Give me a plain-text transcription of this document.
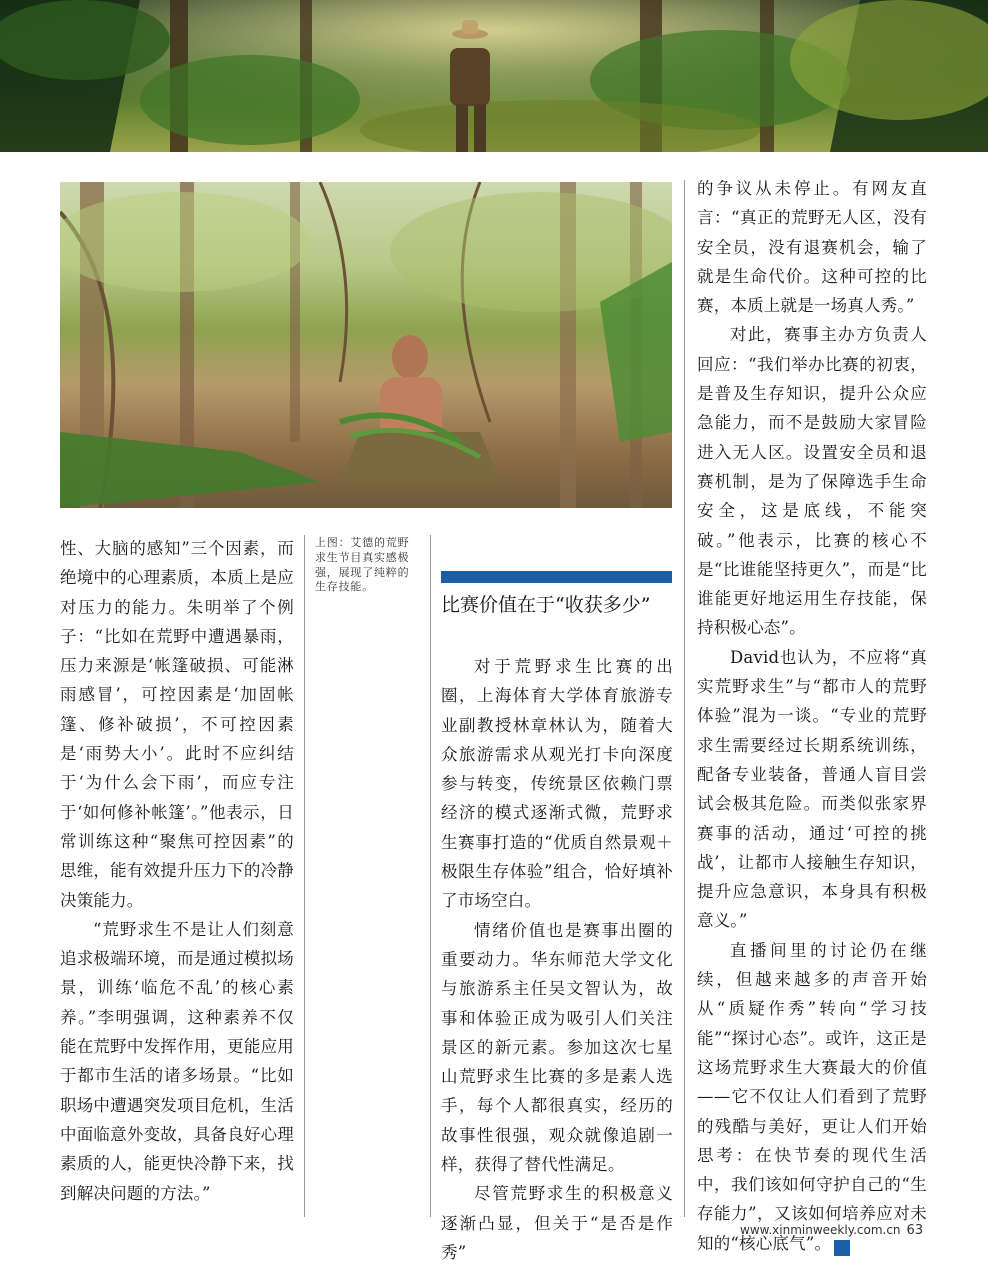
性、大脑的感知”三个因素，而绝境中的心理素质，本质上是应对压力的能力。朱明举了个例子：“比如在荒野中遭遇暴雨，压力来源是‘帐篷破损、可能淋雨感冒’，可控因素是‘加固帐篷、修补破损’，不可控因素是‘雨势大小’。此时不应纠结于‘为什么会下雨’，而应专注于‘如何修补帐篷’。”他表示，日常训练这种“聚焦可控因素”的思维，能有效提升压力下的冷静决策能力。

“荒野求生不是让人们刻意追求极端环境，而是通过模拟场景，训练‘临危不乱’的核心素养。”李明强调，这种素养不仅能在荒野中发挥作用，更能应用于都市生活的诸多场景。“比如职场中遭遇突发项目危机，生活中面临意外变故，具备良好心理素质的人，能更快冷静下来，找到解决问题的方法。”

上图：艾德的荒野求生节目真实感极强，展现了纯粹的生存技能。
比赛价值在于“收获多少”

对于荒野求生比赛的出圈，上海体育大学体育旅游专业副教授林章林认为，随着大众旅游需求从观光打卡向深度参与转变，传统景区依赖门票经济的模式逐渐式微，荒野求生赛事打造的“优质自然景观＋极限生存体验”组合，恰好填补了市场空白。

情绪价值也是赛事出圈的重要动力。华东师范大学文化与旅游系主任吴文智认为，故事和体验正成为吸引人们关注景区的新元素。参加这次七星山荒野求生比赛的多是素人选手，每个人都很真实，经历的故事性很强，观众就像追剧一样，获得了替代性满足。

尽管荒野求生的积极意义逐渐凸显，但关于“是否是作秀”

的争议从未停止。有网友直言：“真正的荒野无人区，没有安全员，没有退赛机会，输了就是生命代价。这种可控的比赛，本质上就是一场真人秀。”

对此，赛事主办方负责人回应：“我们举办比赛的初衷，是普及生存知识，提升公众应急能力，而不是鼓励大家冒险进入无人区。设置安全员和退赛机制，是为了保障选手生命安全，这是底线，不能突破。”他表示，比赛的核心不是“比谁能坚持更久”，而是“比谁能更好地运用生存技能，保持积极心态”。

David也认为，不应将“真实荒野求生”与“都市人的荒野体验”混为一谈。“专业的荒野求生需要经过长期系统训练，配备专业装备，普通人盲目尝试会极其危险。而类似张家界赛事的活动，通过‘可控的挑战’，让都市人接触生存知识，提升应急意识，本身具有积极意义。”

直播间里的讨论仍在继续，但越来越多的声音开始从“质疑作秀”转向“学习技能”“探讨心态”。或许，这正是这场荒野求生大赛最大的价值——它不仅让人们看到了荒野的残酷与美好，更让人们开始思考：在快节奏的现代生活中，我们该如何守护自己的“生存能力”，又该如何培养应对未知的“核心底气”。	民

www.xinminweekly.com.cn 63
